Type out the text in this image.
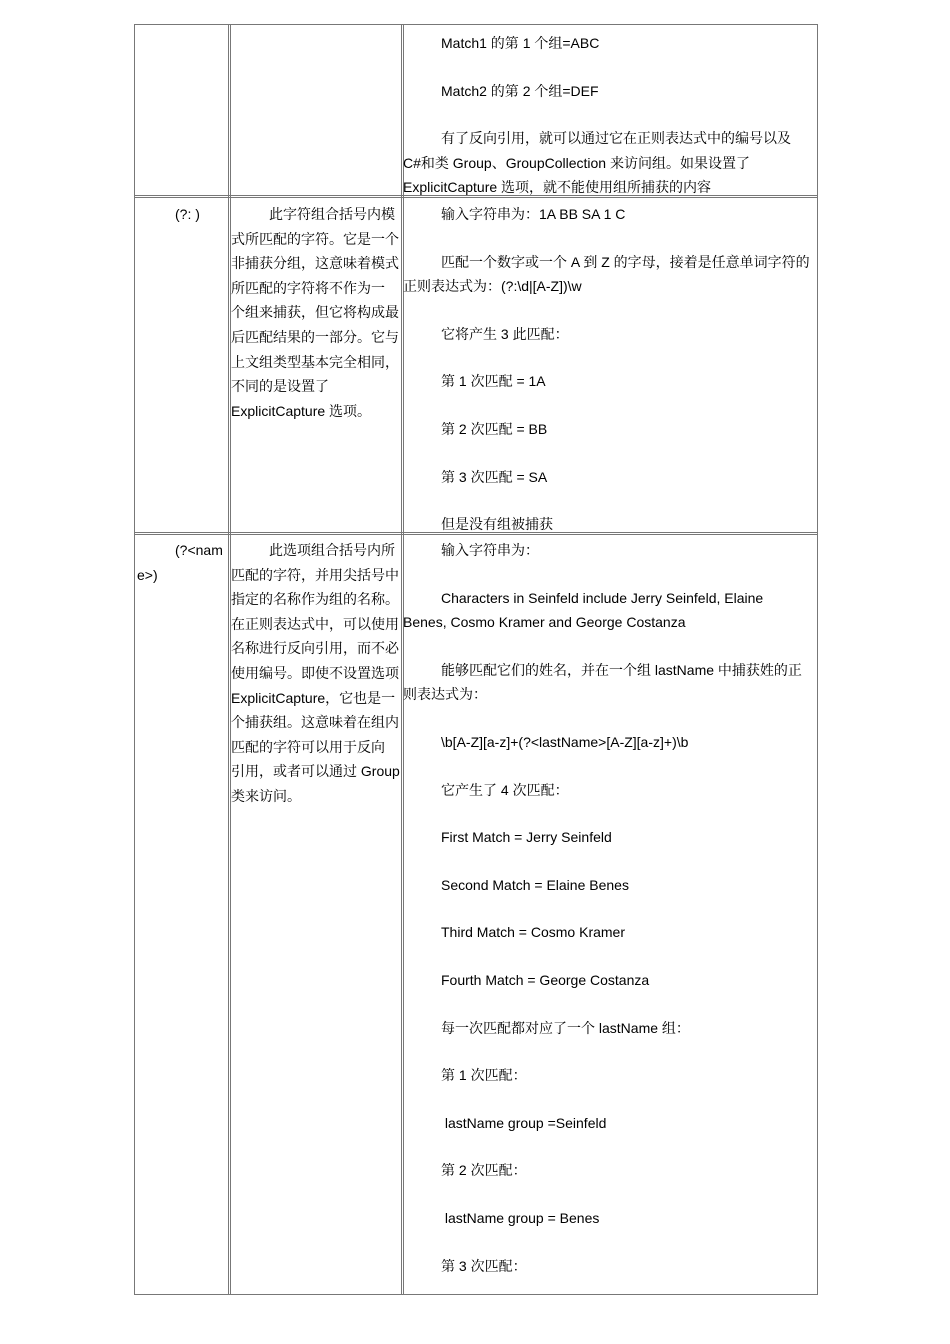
Match1 的第 1 个组=ABC
Match2 的第 2 个组=DEF
有了反向引用，就可以通过它在正则表达式中的编号以及
C#和类 Group、GroupCollection 来访问组。如果设置了
ExplicitCapture 选项，就不能使用组所捕获的内容
(?: )	此字符组合括号内模
式所匹配的字符。它是一个
非捕获分组，这意味着模式
所匹配的字符将不作为一
个组来捕获，但它将构成最
后匹配结果的一部分。它与
上文组类型基本完全相同，
不同的是设置了
ExplicitCapture 选项。
输入字符串为：1A BB SA 1 C
匹配一个数字或一个 A 到 Z 的字母，接着是任意单词字符的
正则表达式为：(?:\d|[A-Z])\w
它将产生 3 此匹配：
第 1 次匹配 = 1A
第 2 次匹配 = BB
第 3 次匹配 = SA
但是没有组被捕获
(?<nam
e>)
此选项组合括号内所
匹配的字符，并用尖括号中
指定的名称作为组的名称。
在正则表达式中，可以使用
名称进行反向引用，而不必
使用编号。即使不设置选项
ExplicitCapture，它也是一
个捕获组。这意味着在组内
匹配的字符可以用于反向
引用，或者可以通过 Group
类来访问。
输入字符串为：
Characters in Seinfeld include Jerry Seinfeld, Elaine
Benes, Cosmo Kramer and George Costanza
能够匹配它们的姓名，并在一个组 lastName 中捕获姓的正
则表达式为：
\b[A-Z][a-z]+(?<lastName>[A-Z][a-z]+)\b
它产生了 4 次匹配：
First Match = Jerry Seinfeld
Second Match = Elaine Benes
Third Match = Cosmo Kramer
Fourth Match = George Costanza
每一次匹配都对应了一个 lastName 组：
第 1 次匹配：
lastName group =Seinfeld
第 2 次匹配：
lastName group = Benes
第 3 次匹配：
